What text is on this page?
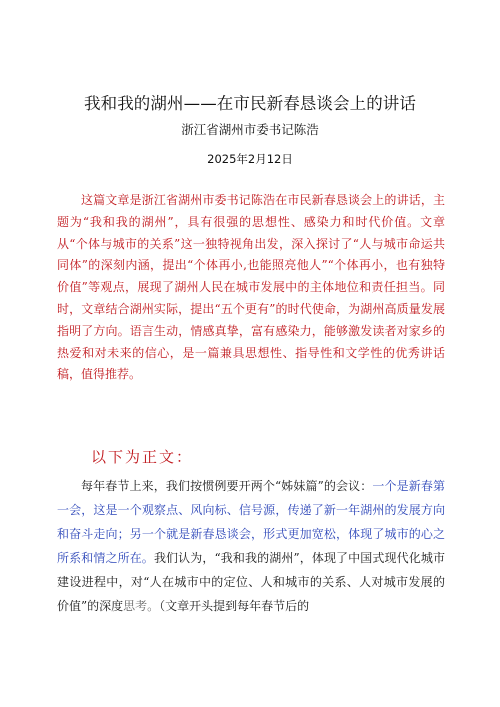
我和我的湖州——在市民新春恳谈会上的讲话
浙江省湖州市委书记陈浩
2025年2月12日

这篇文章是浙江省湖州市委书记陈浩在市民新春恳谈会上的讲话，主题为“我和我的湖州”，具有很强的思想性、感染力和时代价值。文章从“个体与城市的关系”这一独特视角出发，深入探讨了“人与城市命运共同体”的深刻内涵，提出“个体再小,也能照亮他人”“个体再小，也有独特价值”等观点，展现了湖州人民在城市发展中的主体地位和责任担当。同时，文章结合湖州实际，提出“五个更有”的时代使命，为湖州高质量发展指明了方向。语言生动，情感真挚，富有感染力，能够激发读者对家乡的热爱和对未来的信心，是一篇兼具思想性、指导性和文学性的优秀讲话稿，值得推荐。

以下为正文：

每年春节上来，我们按惯例要开两个“姊妹篇”的会议：一个是新春第一会，这是一个观察点、风向标、信号源，传递了新一年湖州的发展方向和奋斗走向；另一个就是新春恳谈会，形式更加宽松，体现了城市的心之所系和情之所在。我们认为，“我和我的湖州”，体现了中国式现代化城市建设进程中，对“人在城市中的定位、人和城市的关系、人对城市发展的价值”的深度思考。（文章开头提到每年春节后的
